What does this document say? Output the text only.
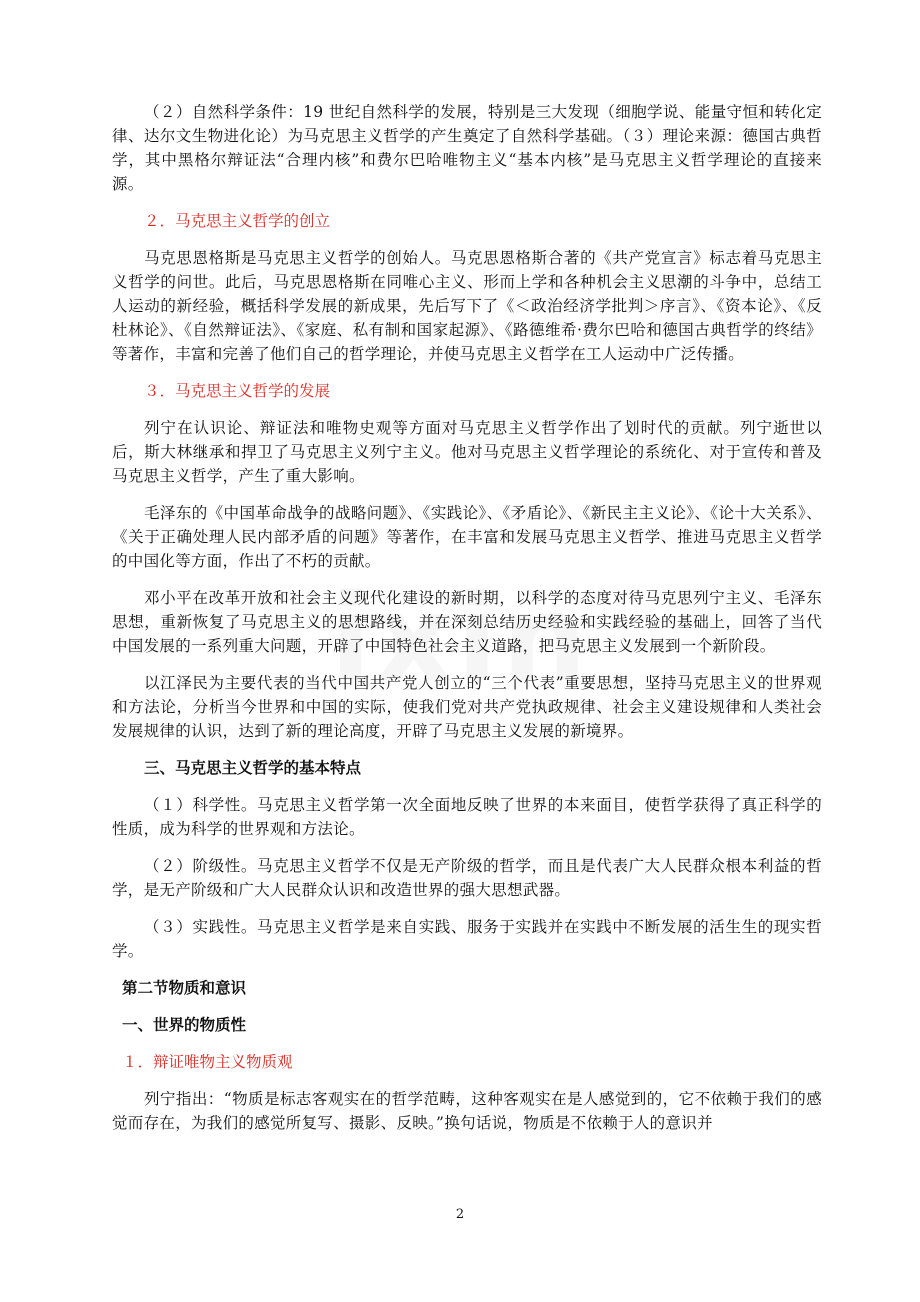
（２）自然科学条件：19 世纪自然科学的发展，特别是三大发现（细胞学说、能量守恒和转化定律、达尔文生物进化论）为马克思主义哲学的产生奠定了自然科学基础。（３）理论来源：德国古典哲学，其中黑格尔辩证法“合理内核”和费尔巴哈唯物主义“基本内核”是马克思主义哲学理论的直接来源。

２．马克思主义哲学的创立

马克思恩格斯是马克思主义哲学的创始人。马克思恩格斯合著的《共产党宣言》标志着马克思主义哲学的问世。此后，马克思恩格斯在同唯心主义、形而上学和各种机会主义思潮的斗争中，总结工人运动的新经验，概括科学发展的新成果，先后写下了《＜政治经济学批判＞序言》、《资本论》、《反杜林论》、《自然辩证法》、《家庭、私有制和国家起源》、《路德维希·费尔巴哈和德国古典哲学的终结》等著作，丰富和完善了他们自己的哲学理论，并使马克思主义哲学在工人运动中广泛传播。

３．马克思主义哲学的发展

列宁在认识论、辩证法和唯物史观等方面对马克思主义哲学作出了划时代的贡献。列宁逝世以后，斯大林继承和捍卫了马克思主义列宁主义。他对马克思主义哲学理论的系统化、对于宣传和普及马克思主义哲学，产生了重大影响。

毛泽东的《中国革命战争的战略问题》、《实践论》、《矛盾论》、《新民主主义论》、《论十大关系》、《关于正确处理人民内部矛盾的问题》等著作，在丰富和发展马克思主义哲学、推进马克思主义哲学的中国化等方面，作出了不朽的贡献。

邓小平在改革开放和社会主义现代化建设的新时期，以科学的态度对待马克思列宁主义、毛泽东思想，重新恢复了马克思主义的思想路线，并在深刻总结历史经验和实践经验的基础上，回答了当代中国发展的一系列重大问题，开辟了中国特色社会主义道路，把马克思主义发展到一个新阶段。

以江泽民为主要代表的当代中国共产党人创立的“三个代表”重要思想，坚持马克思主义的世界观和方法论，分析当今世界和中国的实际，使我们党对共产党执政规律、社会主义建设规律和人类社会发展规律的认识，达到了新的理论高度，开辟了马克思主义发展的新境界。

三、马克思主义哲学的基本特点

（１）科学性。马克思主义哲学第一次全面地反映了世界的本来面目，使哲学获得了真正科学的性质，成为科学的世界观和方法论。

（２）阶级性。马克思主义哲学不仅是无产阶级的哲学，而且是代表广大人民群众根本利益的哲学，是无产阶级和广大人民群众认识和改造世界的强大思想武器。

（３）实践性。马克思主义哲学是来自实践、服务于实践并在实践中不断发展的活生生的现实哲学。

第二节物质和意识

一、世界的物质性

１．辩证唯物主义物质观

列宁指出：“物质是标志客观实在的哲学范畴，这种客观实在是人感觉到的，它不依赖于我们的感觉而存在，为我们的感觉所复写、摄影、反映。”换句话说，物质是不依赖于人的意识并

2
